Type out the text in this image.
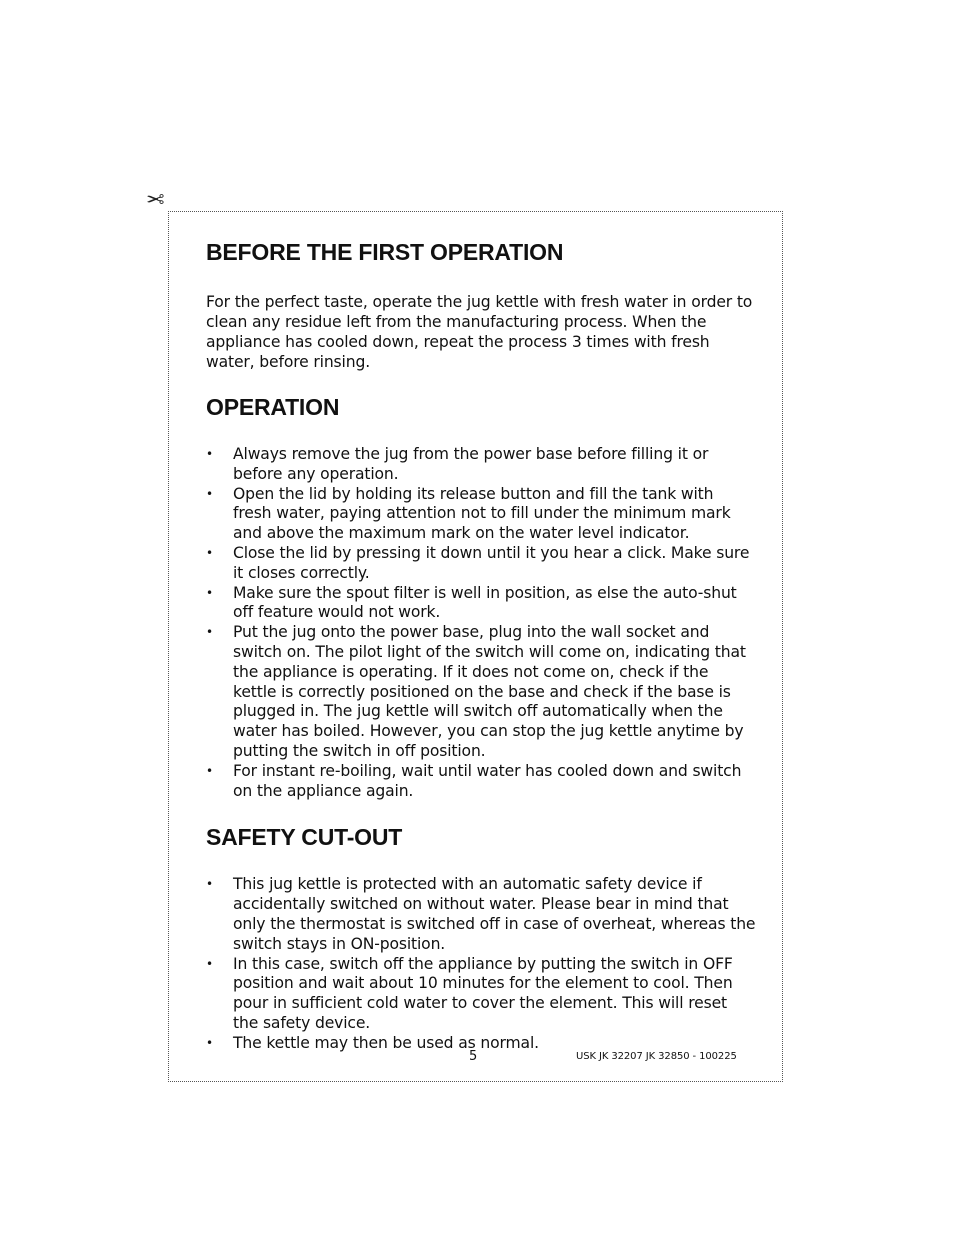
✂
BEFORE THE FIRST OPERATION

For the perfect taste, operate the jug kettle with fresh water in order to clean any residue left from the manufacturing process. When the appliance has cooled down, repeat the process 3 times with fresh water, before rinsing.

OPERATION
•	Always remove the jug from the power base before filling it or before any operation.
•	Open the lid by holding its release button and fill the tank with fresh water, paying attention not to fill under the minimum mark and above the maximum mark on the water level indicator.
•	Close the lid by pressing it down until it you hear a click. Make sure it closes correctly.
•	Make sure the spout filter is well in position, as else the auto-shut off feature would not work.
•	Put the jug onto the power base, plug into the wall socket and switch on. The pilot light of the switch will come on, indicating that the appliance is operating. If it does not come on, check if the kettle is correctly positioned on the base and check if the base is plugged in. The jug kettle will switch off automatically when the water has boiled. However, you can stop the jug kettle anytime by putting the switch in off position.
•	For instant re-boiling, wait until water has cooled down and switch on the appliance again.
SAFETY CUT-OUT
•	This jug kettle is protected with an automatic safety device if accidentally switched on without water. Please bear in mind that only the thermostat is switched off in case of overheat, whereas the switch stays in ON-position.
•	In this case, switch off the appliance by putting the switch in OFF position and wait about 10 minutes for the element to cool. Then pour in sufficient cold water to cover the element. This will reset the safety device.
•	The kettle may then be used as normal.
5	USK JK 32207 JK 32850 - 100225
